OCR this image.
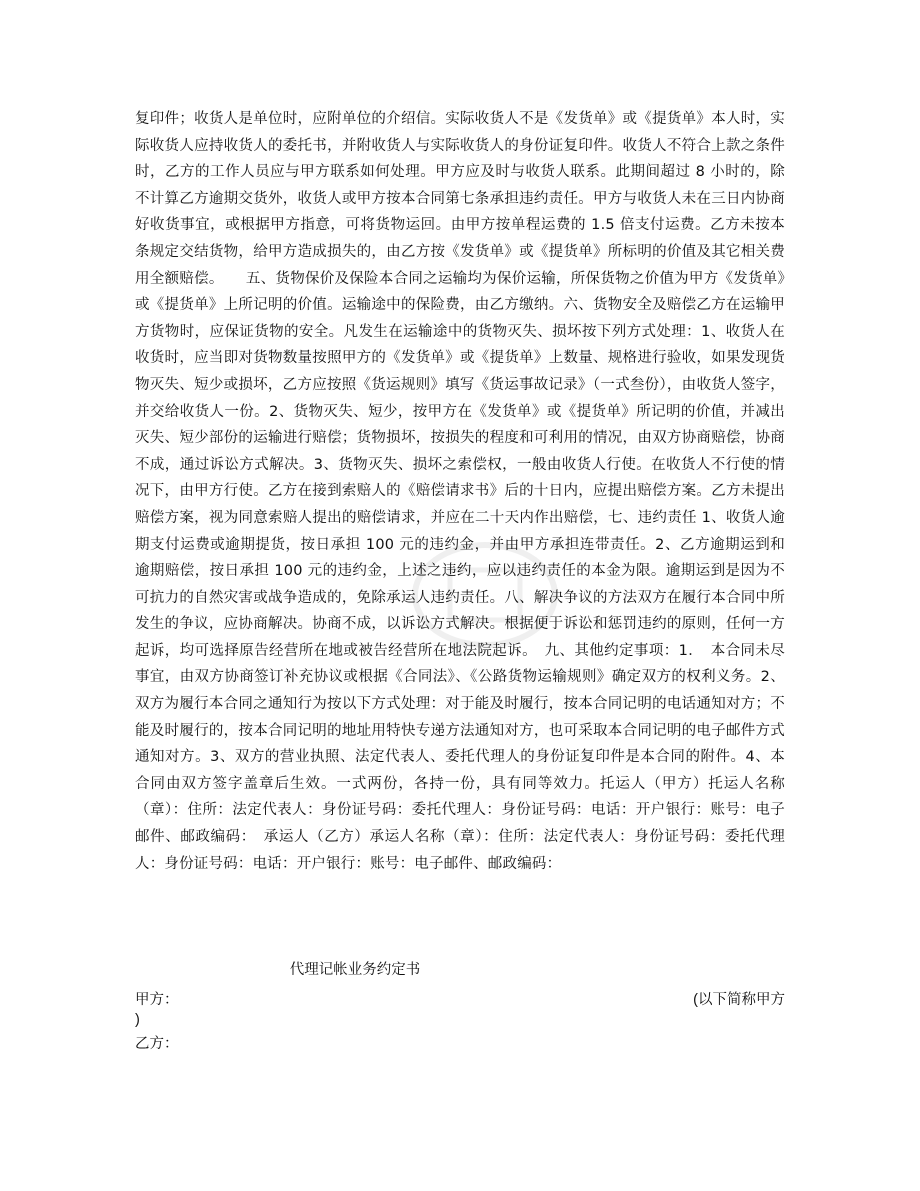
复印件；收货人是单位时，应附单位的介绍信。实际收货人不是《发货单》或《提货单》本人时，实际收货人应持收货人的委托书，并附收货人与实际收货人的身份证复印件。收货人不符合上款之条件时，乙方的工作人员应与甲方联系如何处理。甲方应及时与收货人联系。此期间超过 8 小时的，除不计算乙方逾期交货外，收货人或甲方按本合同第七条承担违约责任。甲方与收货人未在三日内协商好收货事宜，或根据甲方指意，可将货物运回。由甲方按单程运费的 1.5 倍支付运费。乙方未按本条规定交结货物，给甲方造成损失的，由乙方按《发货单》或《提货单》所标明的价值及其它相关费用全额赔偿。　　五、货物保价及保险本合同之运输均为保价运输，所保货物之价值为甲方《发货单》或《提货单》上所记明的价值。运输途中的保险费，由乙方缴纳。六、货物安全及赔偿乙方在运输甲方货物时，应保证货物的安全。凡发生在运输途中的货物灭失、损坏按下列方式处理：1、收货人在收货时，应当即对货物数量按照甲方的《发货单》或《提货单》上数量、规格进行验收，如果发现货物灭失、短少或损坏，乙方应按照《货运规则》填写《货运事故记录》（一式叁份），由收货人签字，并交给收货人一份。2、货物灭失、短少，按甲方在《发货单》或《提货单》所记明的价值，并减出灭失、短少部份的运输进行赔偿；货物损坏，按损失的程度和可利用的情况，由双方协商赔偿，协商不成，通过诉讼方式解决。3、货物灭失、损坏之索偿权，一般由收货人行使。在收货人不行使的情况下，由甲方行使。乙方在接到索赔人的《赔偿请求书》后的十日内，应提出赔偿方案。乙方未提出赔偿方案，视为同意索赔人提出的赔偿请求，并应在二十天内作出赔偿，七、违约责任 1、收货人逾期支付运费或逾期提货，按日承担 100 元的违约金，并由甲方承担连带责任。2、乙方逾期运到和逾期赔偿，按日承担 100 元的违约金，上述之违约，应以违约责任的本金为限。逾期运到是因为不可抗力的自然灾害或战争造成的，免除承运人违约责任。八、解决争议的方法双方在履行本合同中所发生的争议，应协商解决。协商不成，以诉讼方式解决。根据便于诉讼和惩罚违约的原则，任何一方起诉，均可选择原告经营所在地或被告经营所在地法院起诉。　九、其他约定事项：1．　本合同未尽事宜，由双方协商签订补充协议或根据《合同法》、《公路货物运输规则》确定双方的权利义务。2、双方为履行本合同之通知行为按以下方式处理：对于能及时履行，按本合同记明的电话通知对方；不能及时履行的，按本合同记明的地址用特快专递方法通知对方，也可采取本合同记明的电子邮件方式通知对方。3、双方的营业执照、法定代表人、委托代理人的身份证复印件是本合同的附件。4、本合同由双方签字盖章后生效。一式两份，各持一份，具有同等效力。托运人（甲方）托运人名称（章）：住所：法定代表人：身份证号码：委托代理人：身份证号码：电话：开户银行：账号：电子邮件、邮政编码：　承运人（乙方）承运人名称（章）：住所：法定代表人：身份证号码：委托代理人：身份证号码：电话：开户银行：账号：电子邮件、邮政编码：
代理记帐业务约定书
甲方：	(以下简称甲方
)
乙方：
